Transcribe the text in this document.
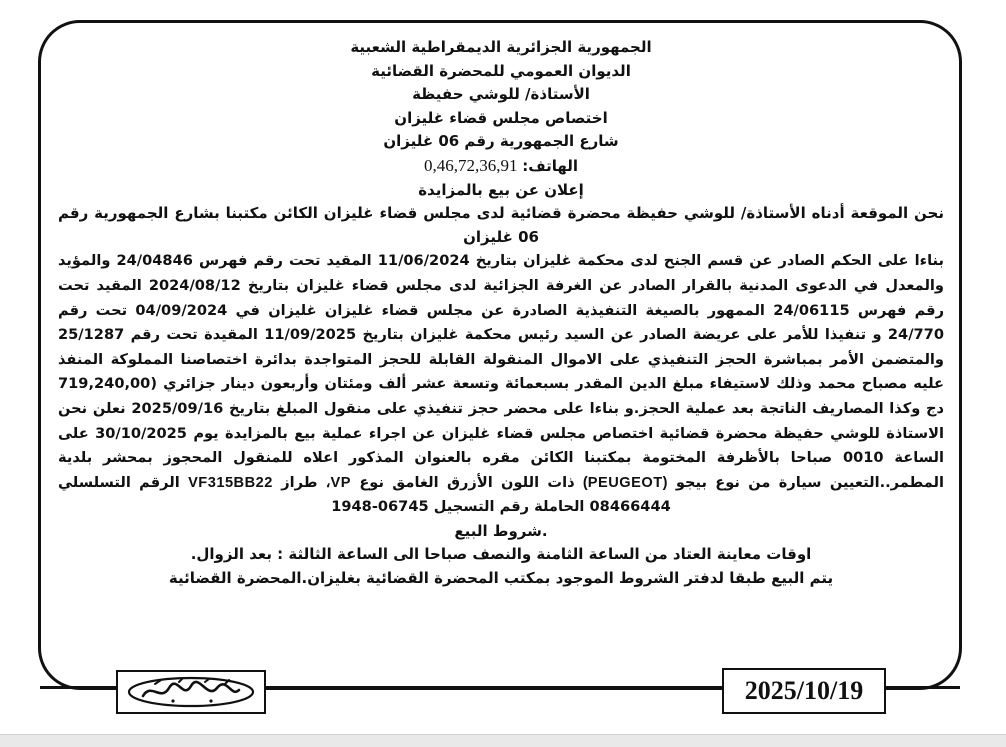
الجمهورية الجزائرية الديمقراطية الشعبية

الديوان العمومي للمحضرة القضائية

الأستاذة/ للوشي حفيظة

اختصاص مجلس قضاء غليزان

شارع الجمهورية رقم 06 غليزان

الهاتف: 0,46,72,36,91

إعلان عن بيع بالمزايدة

نحن الموقعة أدناه الأستاذة/ للوشي حفيظة محضرة قضائية لدى مجلس قضاء غليزان الكائن مكتبنا بشارع الجمهورية رقم 06 غليزان

بناءا على الحكم الصادر عن قسم الجنح لدى محكمة غليزان بتاريخ 11/06/2024 المقيد تحت رقم فهرس 24/04846 والمؤيد والمعدل في الدعوى المدنية بالقرار الصادر عن الغرفة الجزائية لدى مجلس قضاء غليزان بتاريخ 2024/08/12 المقيد تحت رقم فهرس 24/06115 الممهور بالصيغة التنفيذية الصادرة عن مجلس قضاء غليزان غليزان في 04/09/2024 تحت رقم 24/770 و تنفيذا للأمر على عريضة الصادر عن السيد رئيس محكمة غليزان بتاريخ 11/09/2025 المقيدة تحت رقم 25/1287 والمتضمن الأمر بمباشرة الحجز التنفيذي على الاموال المنقولة القابلة للحجز المتواجدة بدائرة اختصاصنا المملوكة المنفذ عليه مصباح محمد وذلك لاستيفاء مبلغ الدين المقدر بسبعمائة وتسعة عشر ألف ومئتان وأربعون دينار جزائري (719,240,00 دج وكذا المصاريف الناتجة بعد عملية الحجز.و بناءا على محضر حجز تنفيذي على منقول المبلغ بتاريخ 2025/09/16 نعلن نحن الاستاذة للوشي حفيظة محضرة قضائية اختصاص مجلس قضاء غليزان عن اجراء عملية بيع بالمزايدة يوم 30/10/2025 على الساعة 0010 صباحا بالأظرفة المختومة بمكتبنا الكائن مقره بالعنوان المذكور اعلاه للمنقول المحجوز بمحشر بلدية المطمر..التعيين سيارة من نوع بيجو (PEUGEOT) ذات اللون الأزرق الغامق نوع VP، طراز VF315BB22 الرقم التسلسلي 08466444 الحاملة رقم التسجيل 1948-06745

.شروط البيع

اوقات معاينة العتاد من الساعة الثامنة والنصف صباحا الى الساعة الثالثة : بعد الزوال.

يتم البيع طبقا لدفتر الشروط الموجود بمكتب المحضرة القضائية بغليزان.المحضرة القضائية

2025/10/19
